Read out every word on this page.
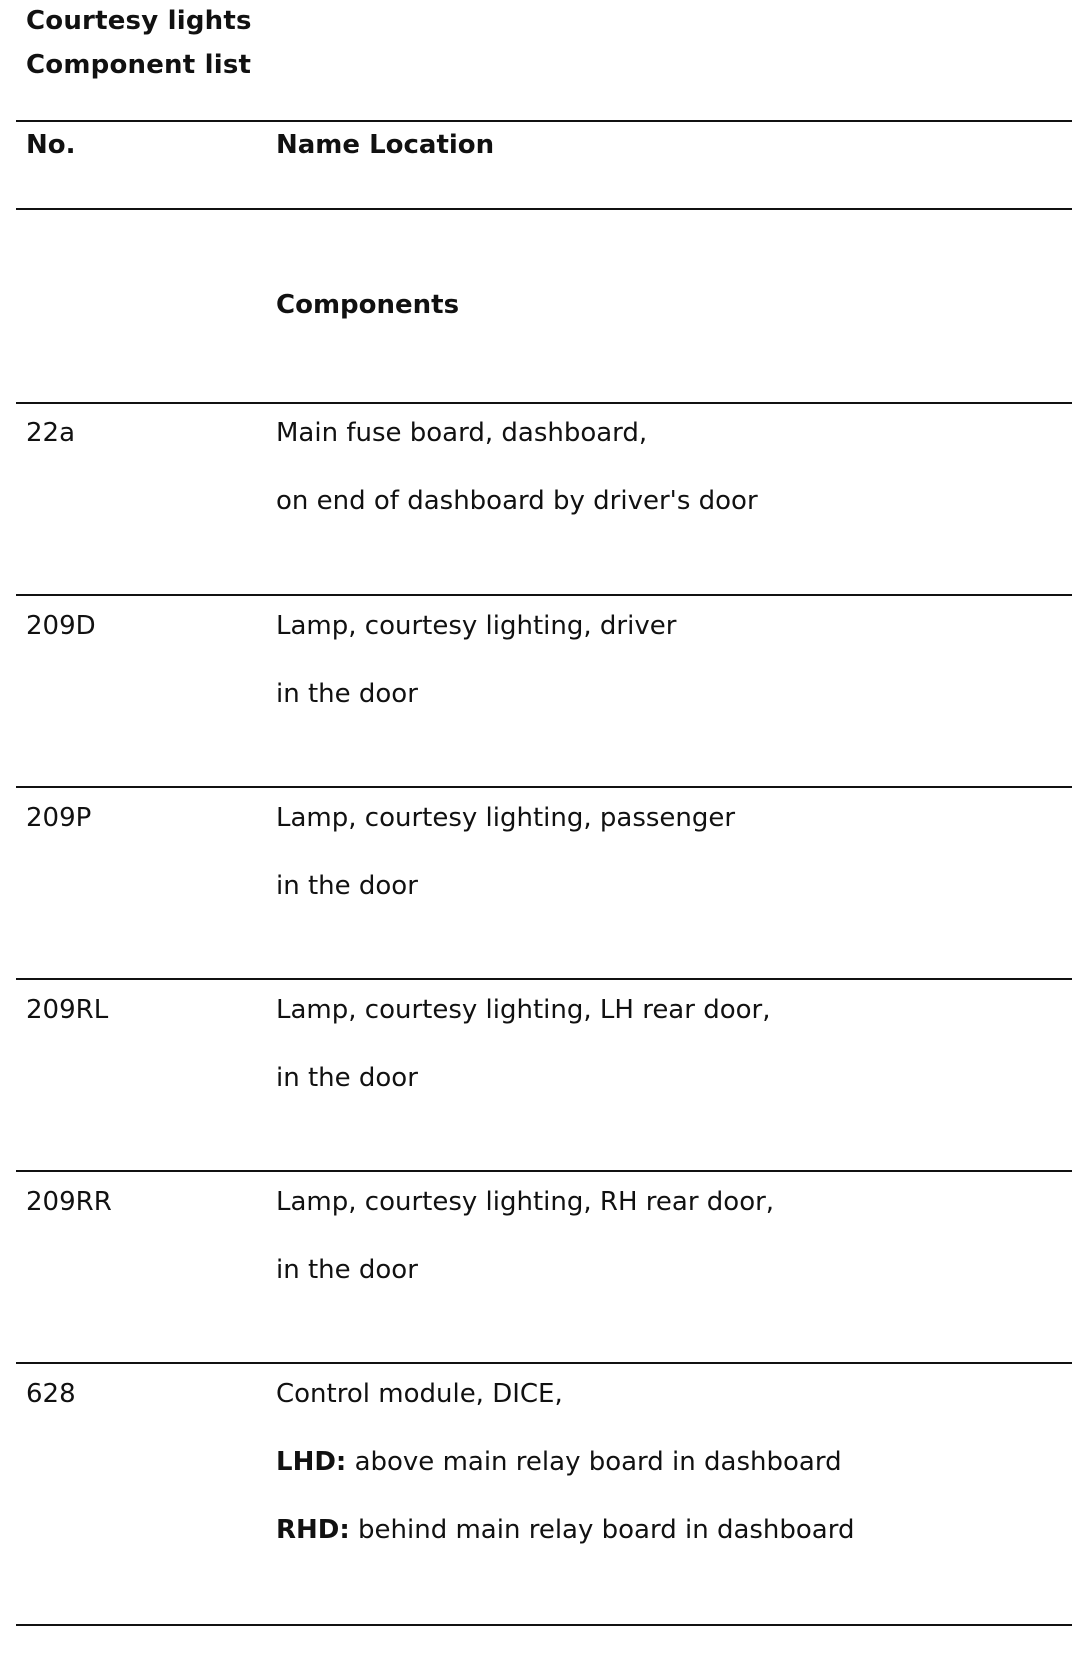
Courtesy lights
Component list
No.	Name Location
Components
22a	Main fuse board, dashboard,
on end of dashboard by driver's door
209D	Lamp, courtesy lighting, driver
in the door
209P	Lamp, courtesy lighting, passenger
in the door
209RL	Lamp, courtesy lighting, LH rear door,
in the door
209RR	Lamp, courtesy lighting, RH rear door,
in the door
628	Control module, DICE,
LHD: above main relay board in dashboard
RHD: behind main relay board in dashboard
